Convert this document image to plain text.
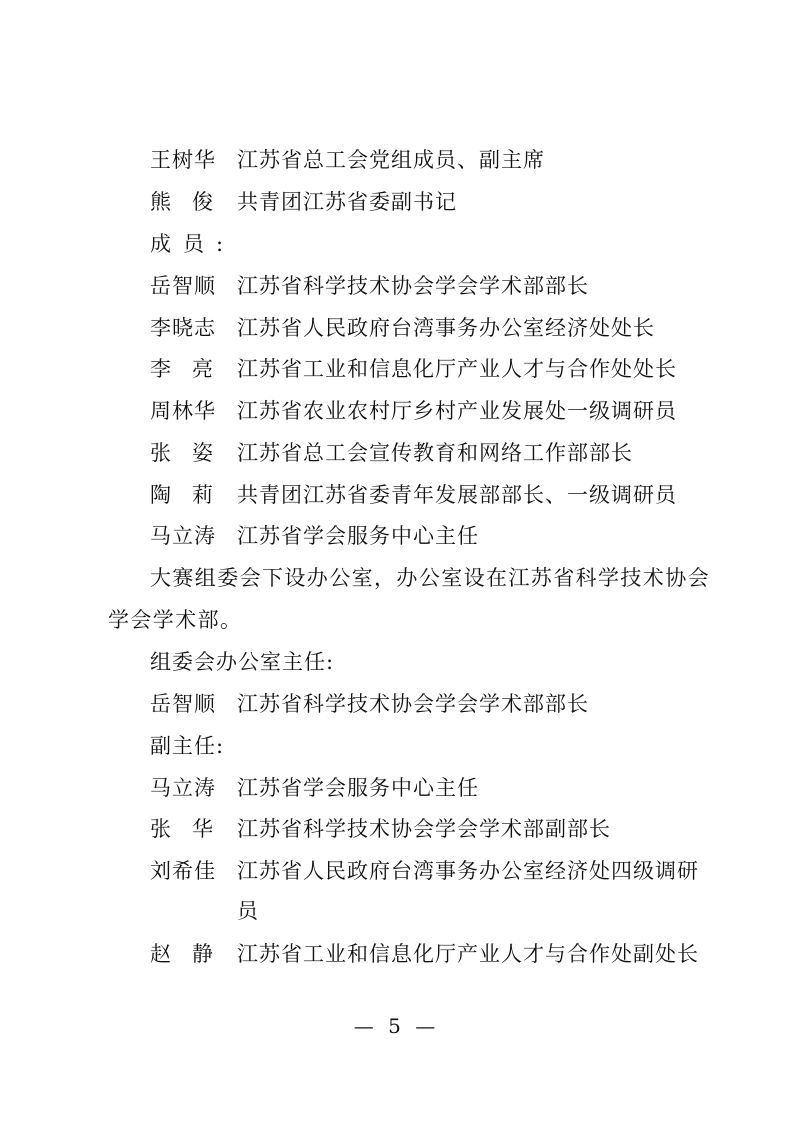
王树华	江苏省总工会党组成员、副主席
熊俊 共青团江苏省委副书记
成员:
岳智顺	江苏省科学技术协会学会学术部部长
李晓志	江苏省人民政府台湾事务办公室经济处处长
李亮 江苏省工业和信息化厅产业人才与合作处处长
周林华	江苏省农业农村厅乡村产业发展处一级调研员
张姿 江苏省总工会宣传教育和网络工作部部长
陶莉 共青团江苏省委青年发展部部长、一级调研员
马立涛	江苏省学会服务中心主任
大赛组委会下设办公室，办公室设在江苏省科学技术协会
学会学术部。
组委会办公室主任:
岳智顺	江苏省科学技术协会学会学术部部长
副主任:
马立涛	江苏省学会服务中心主任
张华 江苏省科学技术协会学会学术部副部长
刘希佳	江苏省人民政府台湾事务办公室经济处四级调研
员
赵静 江苏省工业和信息化厅产业人才与合作处副处长
— 5 —
